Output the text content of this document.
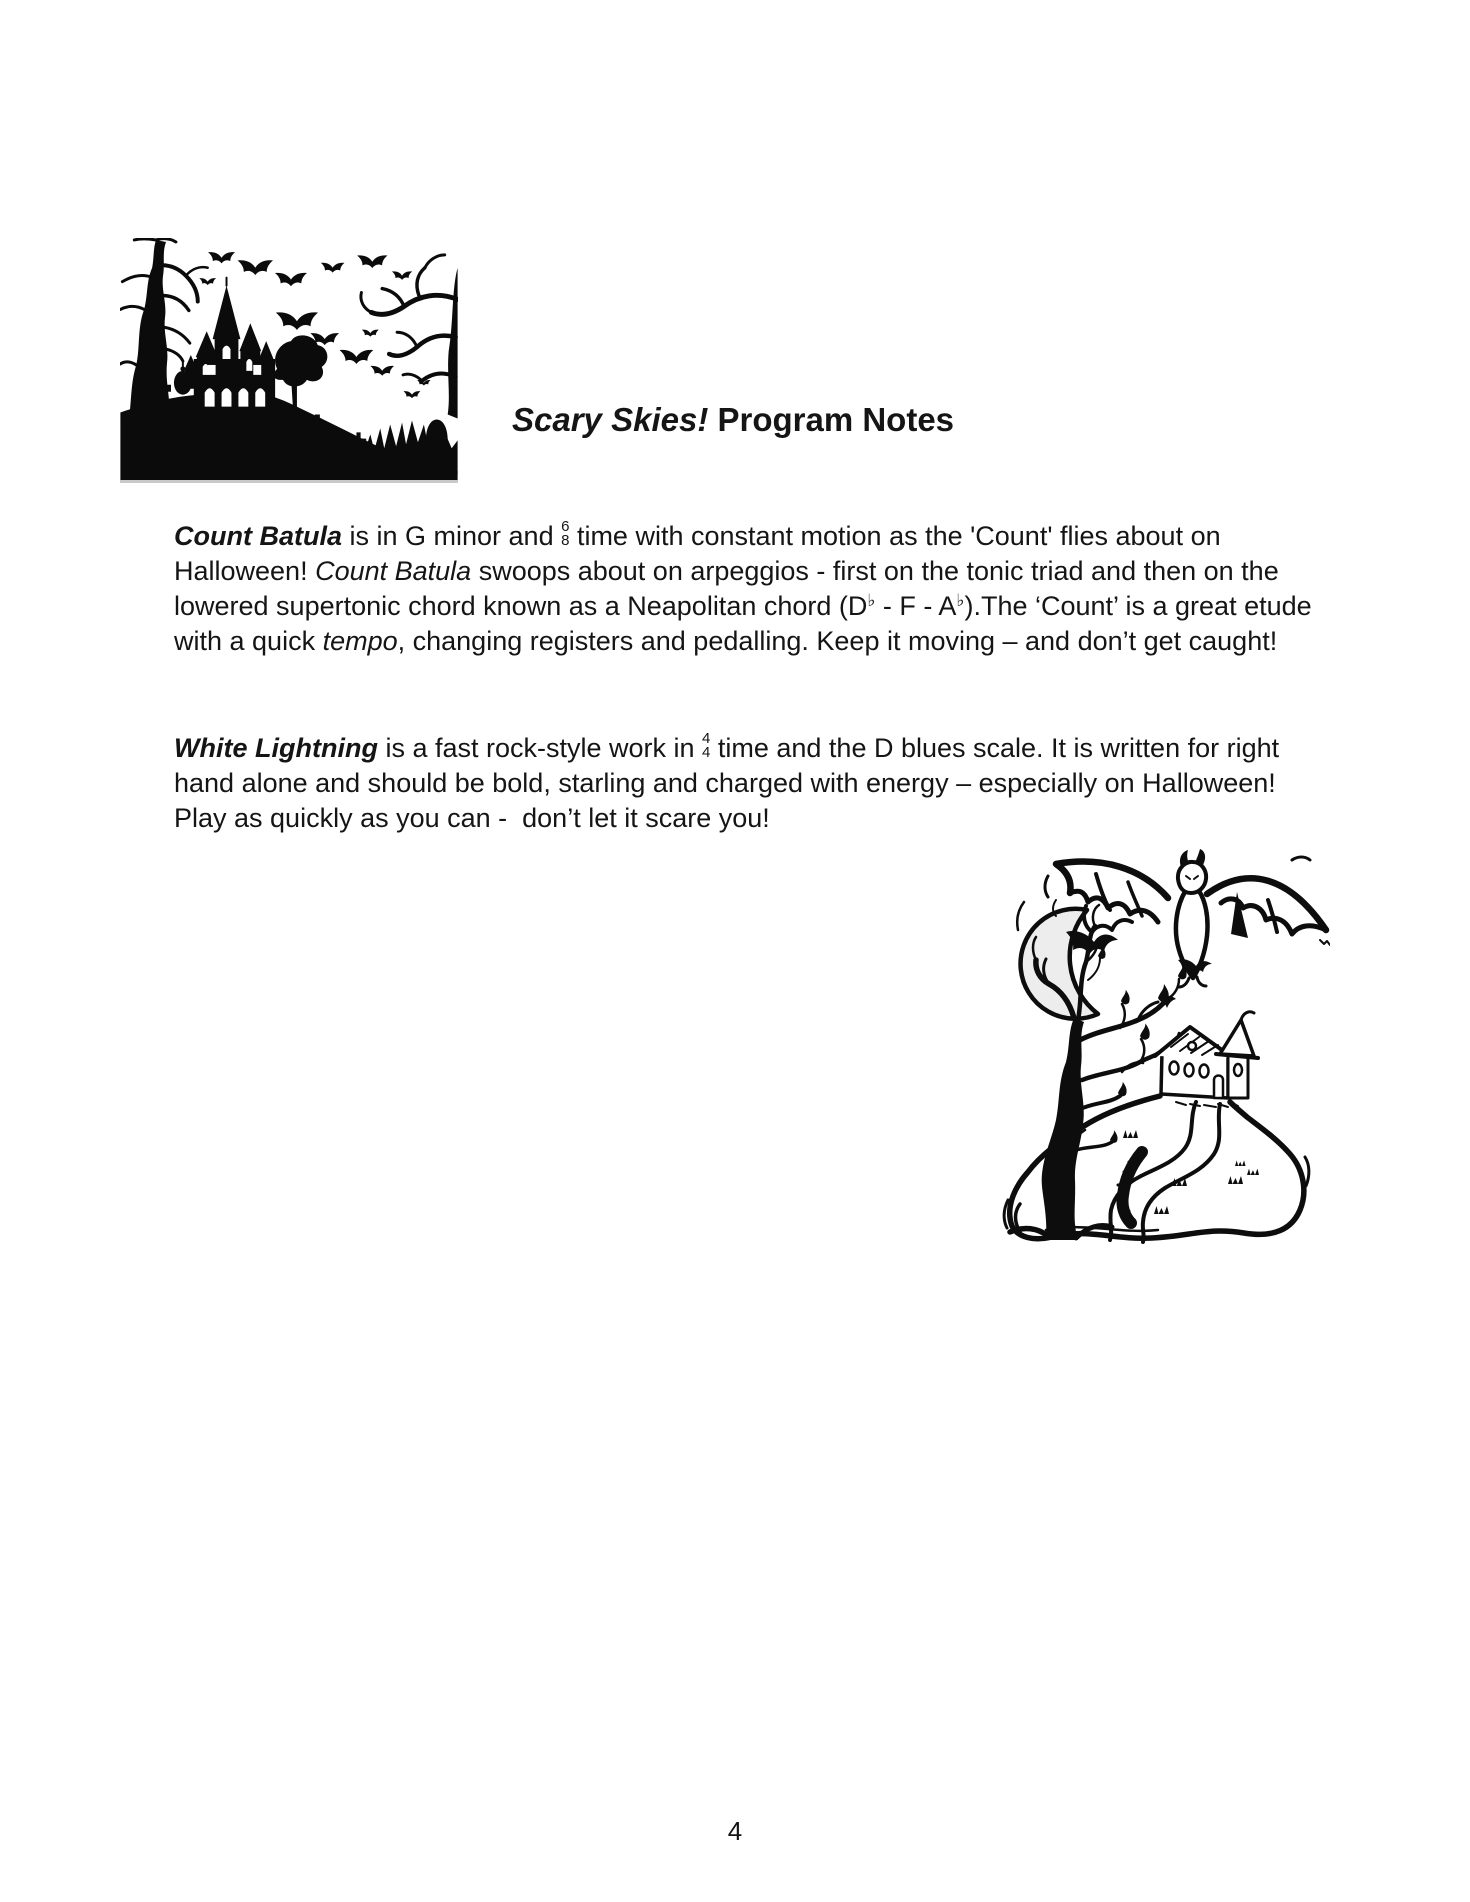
Scary Skies! Program Notes
Count Batula is in G minor and 6
8 time with constant motion as the 'Count' flies about on
Halloween! Count Batula swoops about on arpeggios - first on the tonic triad and then on the
lowered supertonic chord known as a Neapolitan chord (D♭ - F - A♭).The ‘Count’ is a great etude
with a quick tempo, changing registers and pedalling. Keep it moving – and don’t get caught!
White Lightning is a fast rock-style work in 4
4 time and the D blues scale. It is written for right
hand alone and should be bold, starling and charged with energy – especially on Halloween!
Play as quickly as you can -  don’t let it scare you!
4
